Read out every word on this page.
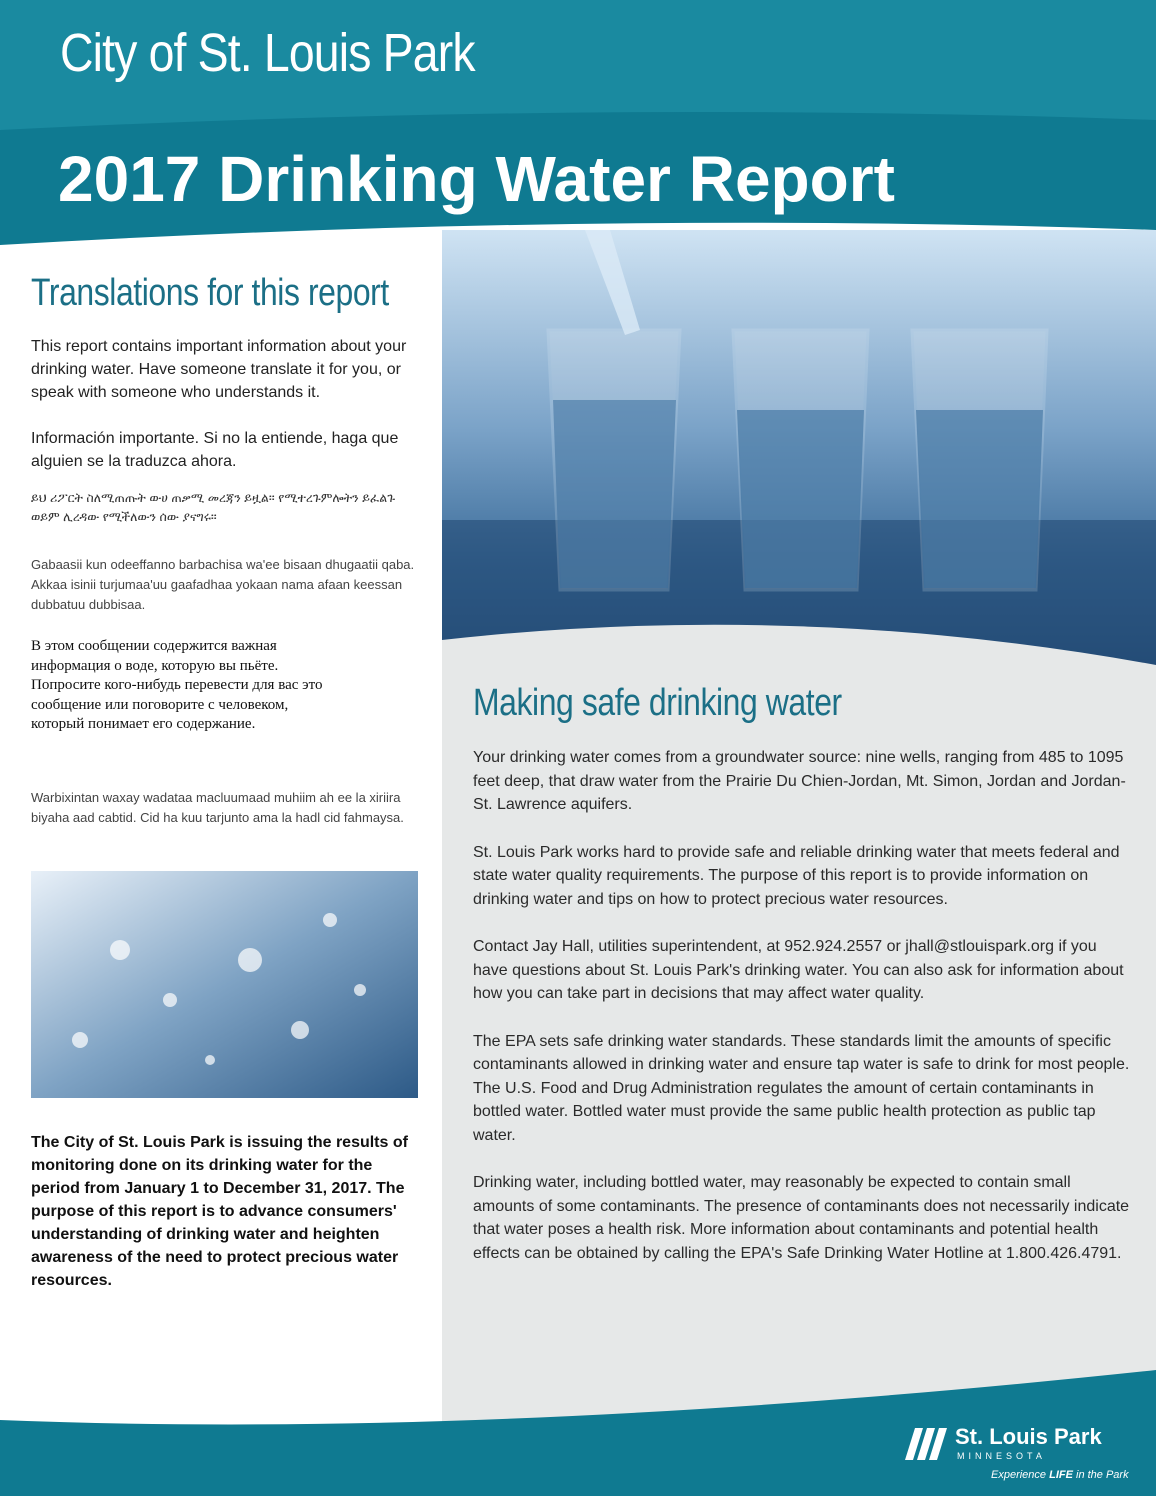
City of St. Louis Park
2017 Drinking Water Report
Translations for this report
This report contains important information about your drinking water. Have someone translate it for you, or speak with someone who understands it.
Información importante. Si no la entiende, haga que alguien se la traduzca ahora.
ይህ ሪፖርት ስለሚጠጡት ውሀ ጠቃሚ መረጃን ይዟል፡፡ የሚተረጉምሎትን ይፈልጉ ወይም ሊረዳው የሚችለውን ሰው ያናግሩ፡፡
Gabaasii kun odeeffanno barbachisa wa'ee bisaan dhugaatii qaba. Akkaa isinii turjumaa'uu gaafadhaa yokaan nama afaan keessan dubbatuu dubbisaa.
В этом сообщении содержится важная информация о воде, которую вы пьёте. Попросите кого-нибудь перевести для вас это сообщение или поговорите с человеком, который понимает его содержание.
Warbixintan waxay wadataa macluumaad muhiim ah ee la xiriira biyaha aad cabtid. Cid ha kuu tarjunto ama la hadl cid fahmaysa.
The City of St. Louis Park is issuing the results of monitoring done on its drinking water for the period from January 1 to December 31, 2017. The purpose of this report is to advance consumers' understanding of drinking water and heighten awareness of the need to protect precious water resources.
Making safe drinking water

Your drinking water comes from a groundwater source: nine wells, ranging from 485 to 1095 feet deep, that draw water from the Prairie Du Chien-Jordan, Mt. Simon, Jordan and Jordan-St. Lawrence aquifers.

St. Louis Park works hard to provide safe and reliable drinking water that meets federal and state water quality requirements. The purpose of this report is to provide information on drinking water and tips on how to protect precious water resources.

Contact Jay Hall, utilities superintendent, at 952.924.2557 or jhall@stlouispark.org if you have questions about St. Louis Park's drinking water. You can also ask for information about how you can take part in decisions that may affect water quality.

The EPA sets safe drinking water standards. These standards limit the amounts of specific contaminants allowed in drinking water and ensure tap water is safe to drink for most people. The U.S. Food and Drug Administration regulates the amount of certain contaminants in bottled water. Bottled water must provide the same public health protection as public tap water.

Drinking water, including bottled water, may reasonably be expected to contain small amounts of some contaminants. The presence of contaminants does not necessarily indicate that water poses a health risk. More information about contaminants and potential health effects can be obtained by calling the EPA's Safe Drinking Water Hotline at 1.800.426.4791.

St. Louis Park
MINNESOTA
Experience LIFE in the Park
